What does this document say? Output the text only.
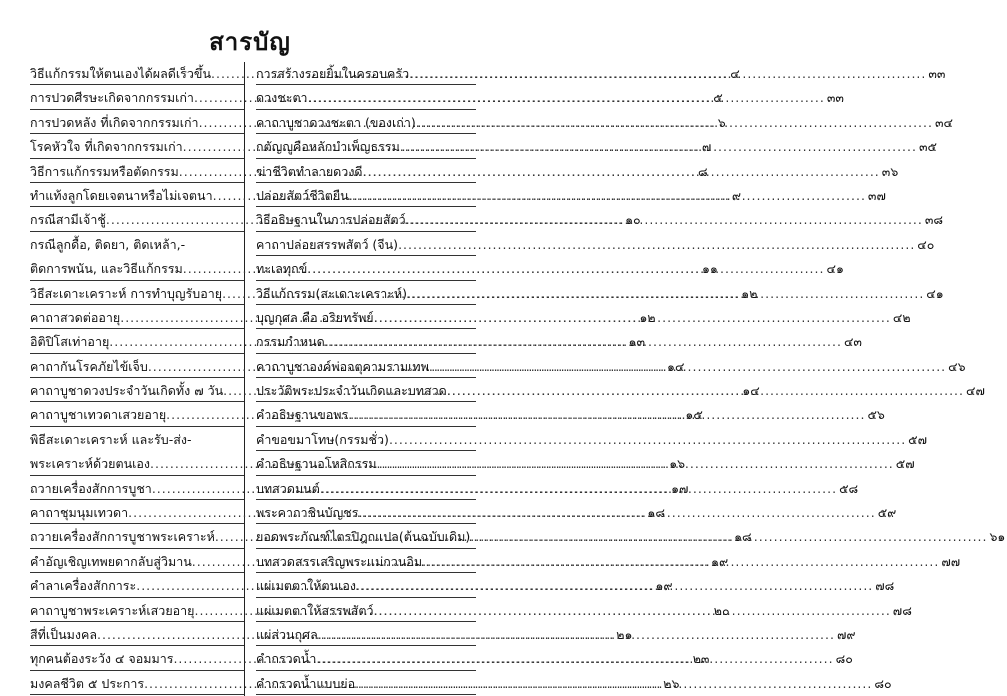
สารบัญ
วิธีแก้กรรมให้ตนเองได้ผลดีเร็วขึ้น .....	๔
การปวดศีรษะเกิดจากกรรมเก่า .....	๕
การปวดหลัง ที่เกิดจากกรรมเก่า .....	๖
โรคหัวใจ ที่เกิดจากกรรมเก่า .....	๗
วิธีการแก้กรรมหรือตัดกรรม .....	๘
ทำแท้งลูกโดยเจตนาหรือไม่เจตนา .....	๙
กรณีสามีเจ้าชู้ .....	๑๐
กรณีลูกดื้อ, ติดยา, ติดเหล้า,-
ติดการพนัน, และวิธีแก้กรรม .....	๑๑
วิธีสะเดาะเคราะห์ การทำบุญรับอายุ .....	๑๒
คาถาสวดต่ออายุ .....	๑๒
อิติปิโสเท่าอายุ .....	๑๓
คาถากันโรคภัยไข้เจ็บ .....	๑๔
คาถาบูชาดวงประจำวันเกิดทั้ง ๗ วัน .....	๑๔
คาถาบูชาเทวดาเสวยอายุ .....	๑๕
พิธีสะเดาะเคราะห์ และรับ-ส่ง-
พระเคราะห์ด้วยตนเอง .....	๑๖
ถวายเครื่องสักการบูชา .....	๑๗
คาถาชุมนุมเทวดา .....	๑๘
ถวายเครื่องสักการบูชาพระเคราะห์ .....	๑๘
คำอัญเชิญเทพยดากลับสู่วิมาน .....	๑๙
คำลาเครื่องสักการะ .....	๑๙
คาถาบูชาพระเคราะห์เสวยอายุ .....	๒๐
สีที่เป็นมงคล .....	๒๑
ทุกคนต้องระวัง ๔ จอมมาร .....	๒๓
มงคลชีวิต ๕ ประการ .....	๒๖
การสร้างรอยยิ้มในครอบครัว .....	๓๓
ดวงชะตา .....	๓๓
คาถาบูชาดวงชะตา (ของเก่า) .....	๓๔
กตัญญูคือหลักบำเพ็ญธรรม .....	๓๕
ฆ่าชีวิตทำลายดวงดี .....	๓๖
ปล่อยสัตว์ชีวิตยืน .....	๓๗
วิธีอธิษฐานในการปล่อยสัตว์ .....	๓๘
คาถาปล่อยสรรพสัตว์ (จีน) .....	๔๐
ทะเลทุกข์ .....	๔๑
วิธีแก้กรรม(สะเดาะเคราะห์) .....	๔๑
บุญกุศล คือ อริยทรัพย์ .....	๔๒
กรรมกำหนด .....	๔๓
คาถาบูชาองค์พ่อจตุคามรามเทพ .....	๔๖
ประวัติพระประจำวันเกิดและบทสวด .....	๔๗
คำอธิษฐานขอพร .....	๕๖
คำขอขมาโทษ(กรรมชั่ว) .....	๕๗
คำอธิษฐานอโหสิกรรม .....	๕๗
บทสวดมนต์ .....	๕๘
พระคาถาชินบัญชร .....	๕๙
ยอดพระกัณฑ์ไตรปิฎกแปล(ต้นฉบับเดิม) .....	๖๑
บทสวดสรรเสริญพระแม่กวนอิม .....	๗๗
แผ่เมตตาให้ตนเอง .....	๗๘
แผ่เมตตาให้สรรพสัตว์ .....	๗๘
แผ่ส่วนกุศล .....	๗๙
คำกรวดน้ำ .....	๘๐
คำกรวดน้ำแบบย่อ .....	๘๐
